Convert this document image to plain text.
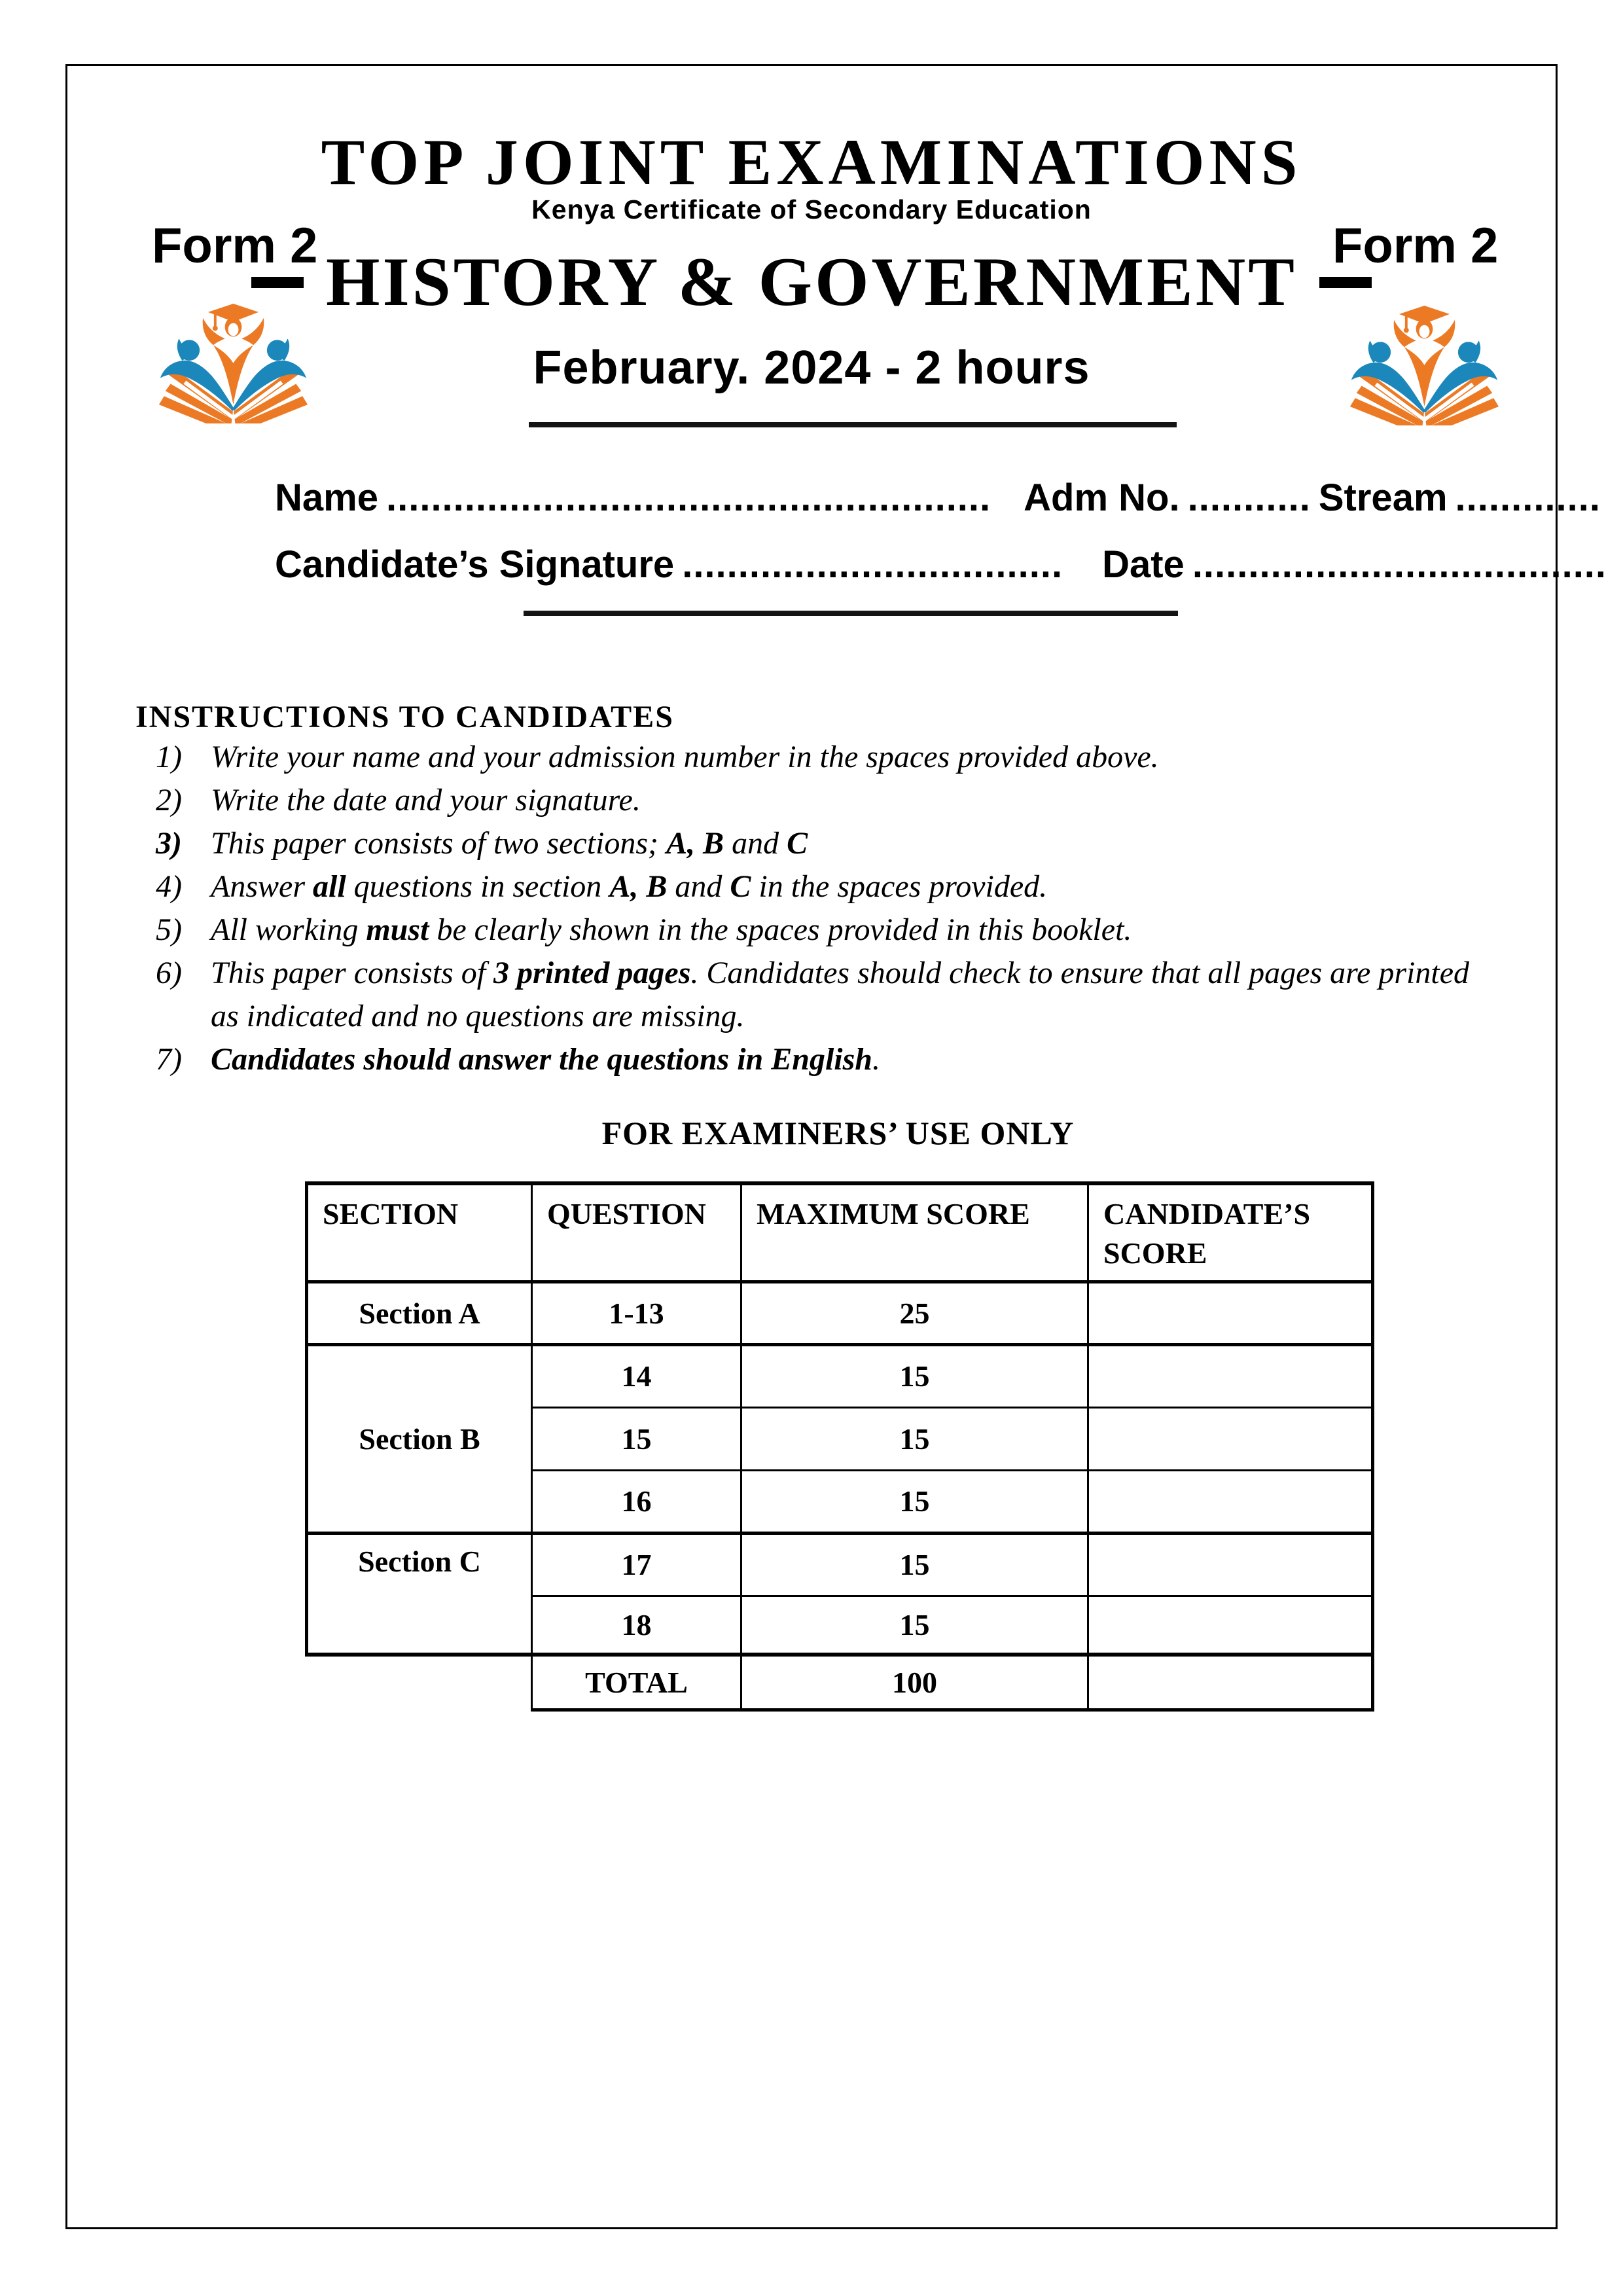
TOP JOINT EXAMINATIONS
Kenya Certificate of Secondary Education
Form 2	Form 2
HISTORY & GOVERNMENT
February. 2024 - 2 hours
Name ...................................................... Adm No. ........... Stream .............
Candidate’s Signature .................................. Date .....................................
INSTRUCTIONS TO CANDIDATES
1) Write your name and your admission number in the spaces provided above.
2) Write the date and your signature.
3) This paper consists of two sections; A, B and C
4) Answer all questions in section A, B and C in the spaces provided.
5) All working must be clearly shown in the spaces provided in this booklet.
6) This paper consists of 3 printed pages. Candidates should check to ensure that all pages are printed as indicated and no questions are missing.
7) Candidates should answer the questions in English.
FOR EXAMINERS’ USE ONLY
SECTION	QUESTION	MAXIMUM SCORE	CANDIDATE’S SCORE
Section A	1-13	25	
Section B	14	15	
	15	15	
	16	15	
Section C	17	15	
	18	15	
	TOTAL	100	
